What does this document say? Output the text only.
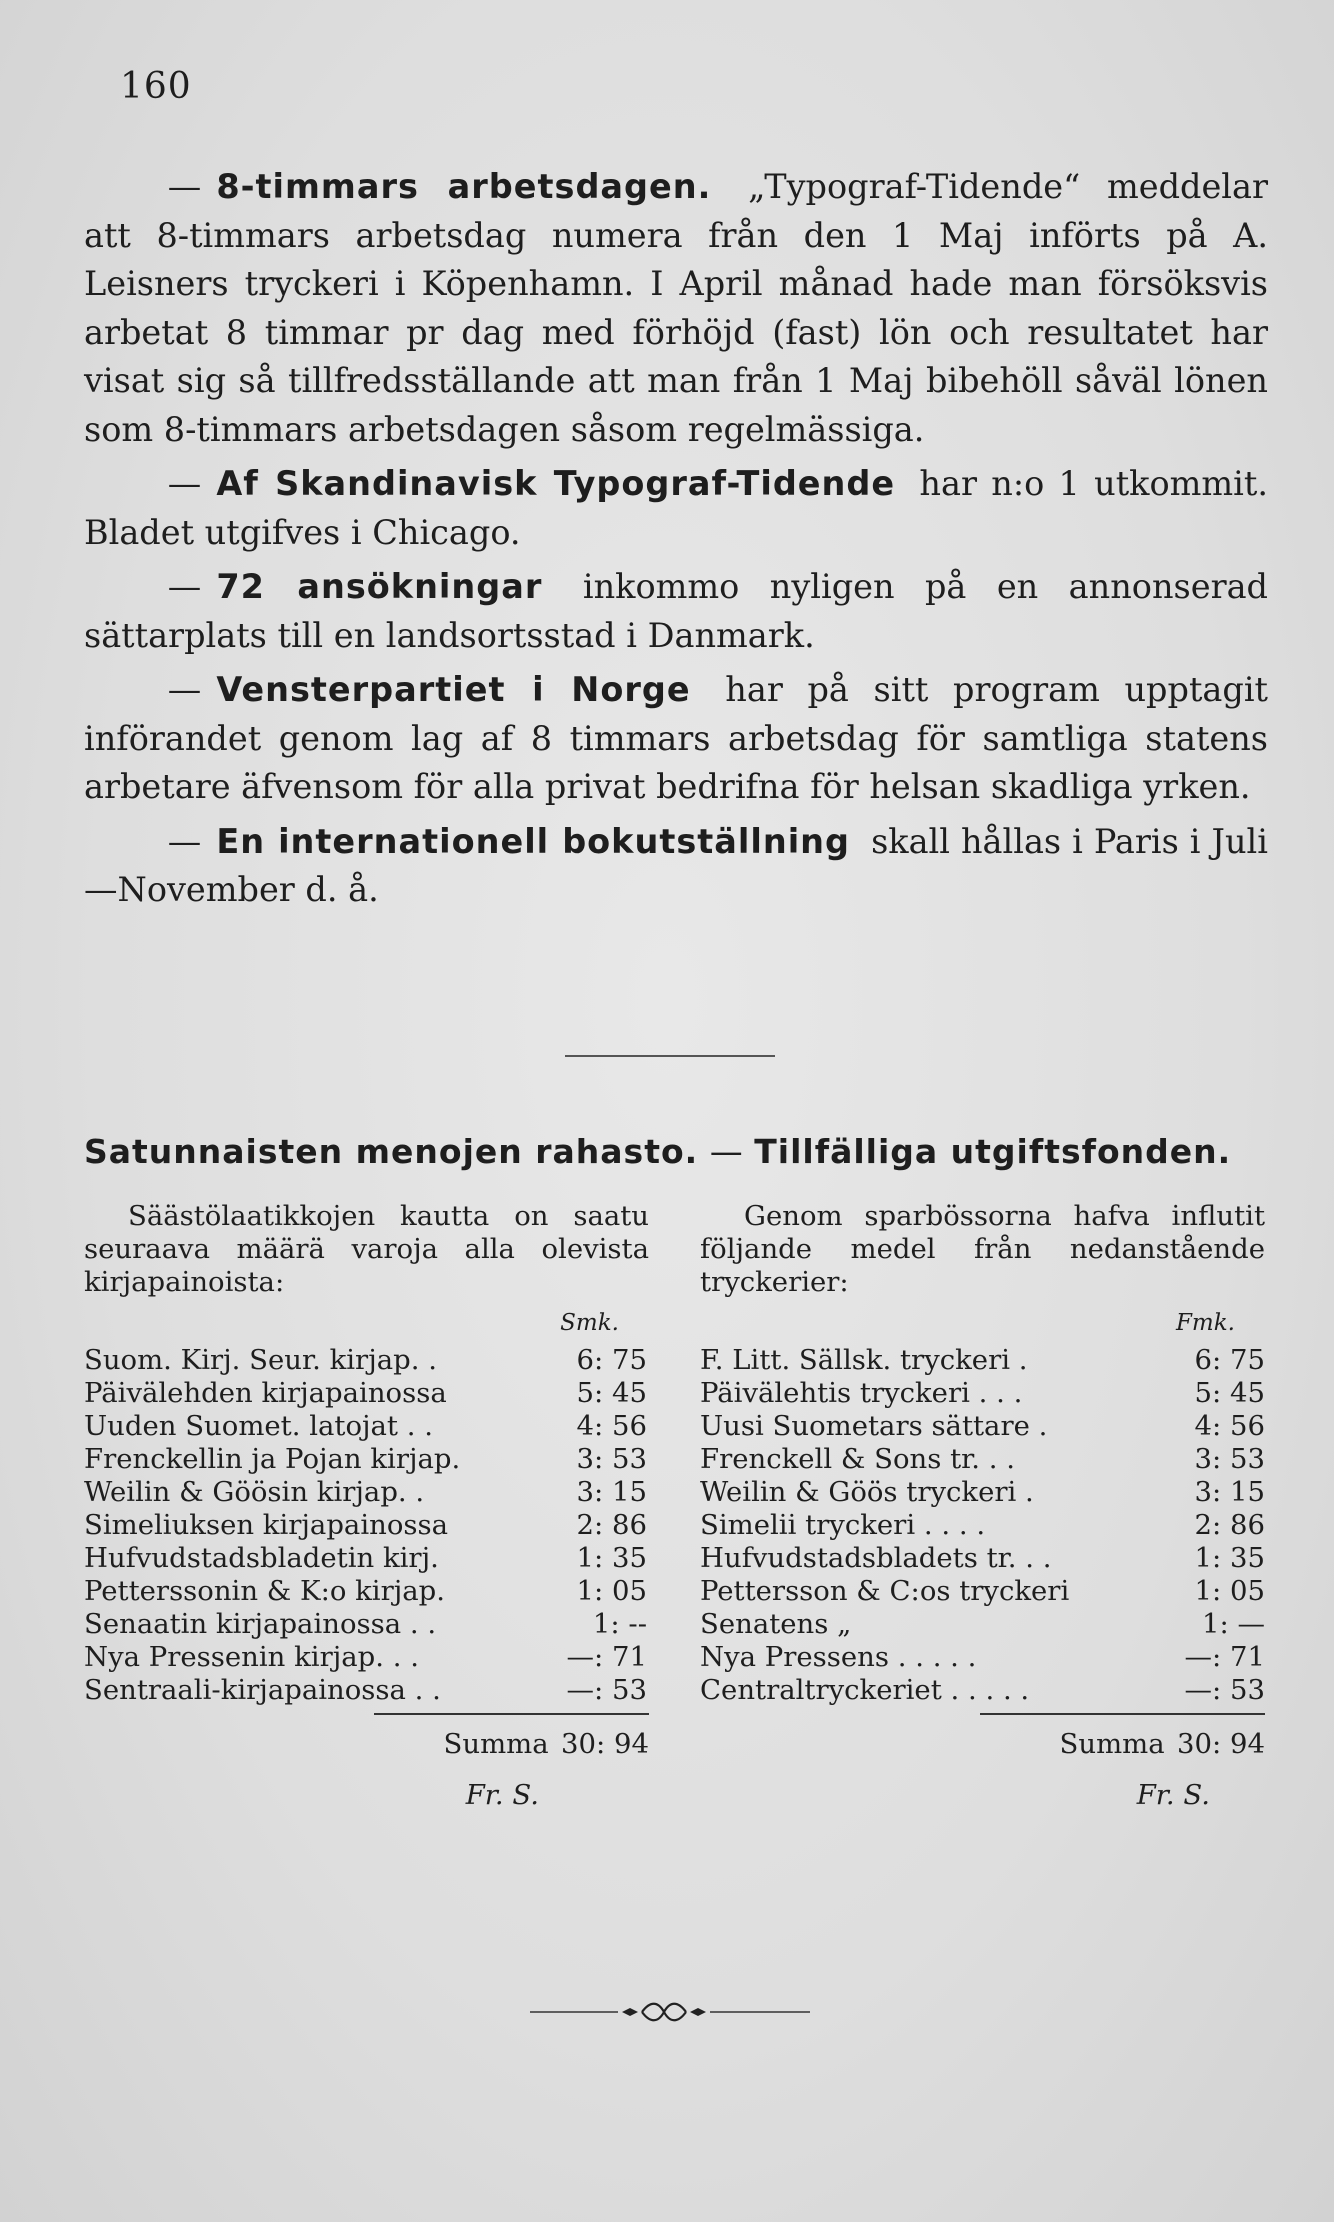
160

— 8-timmars arbetsdagen. „Typograf-Tidende“ meddelar att 8-timmars arbetsdag numera från den 1 Maj införts på A. Leisners tryckeri i Köpenhamn. I April månad hade man försöksvis arbetat 8 timmar pr dag med förhöjd (fast) lön och resultatet har visat sig så tillfredsställande att man från 1 Maj bibehöll såväl lönen som 8-timmars arbetsdagen såsom regelmässiga.

— Af Skandinavisk Typograf-Tidende har n:o 1 utkommit. Bladet utgifves i Chicago.

— 72 ansökningar inkommo nyligen på en annonserad sättarplats till en landsortsstad i Danmark.

— Vensterpartiet i Norge har på sitt program upptagit införandet genom lag af 8 timmars arbetsdag för samtliga statens arbetare äfvensom för alla privat bedrifna för helsan skadliga yrken.

— En internationell bokutställning skall hållas i Paris i Juli—November d. å.

Satunnaisten menojen rahasto. — Tillfälliga utgiftsfonden.
Säästölaatikkojen kautta on saatu seuraava määrä varoja alla olevista kirjapainoista:
Smk.
Suom. Kirj. Seur. kirjap. .	6: 75
Päivälehden kirjapainossa	5: 45
Uuden Suomet. latojat . .	4: 56
Frenckellin ja Pojan kirjap.	3: 53
Weilin & Göösin kirjap. .	3: 15
Simeliuksen kirjapainossa	2: 86
Hufvudstadsbladetin kirj.	1: 35
Petterssonin & K:o kirjap.	1: 05
Senaatin kirjapainossa . .	1: --
Nya Pressenin kirjap. . .	—: 71
Sentraali-kirjapainossa . .	—: 53
Summa 30: 94
Fr. S.
Genom sparbössorna hafva influtit följande medel från nedanstående tryckerier:
Fmk.
F. Litt. Sällsk. tryckeri .	6: 75
Päivälehtis tryckeri . . .	5: 45
Uusi Suometars sättare .	4: 56
Frenckell & Sons tr. . .	3: 53
Weilin & Göös tryckeri .	3: 15
Simelii tryckeri . . . .	2: 86
Hufvudstadsbladets tr. . .	1: 35
Pettersson & C:os tryckeri	1: 05
Senatens „	1: —
Nya Pressens . . . . .	—: 71
Centraltryckeriet . . . . .	—: 53
Summa 30: 94
Fr. S.
